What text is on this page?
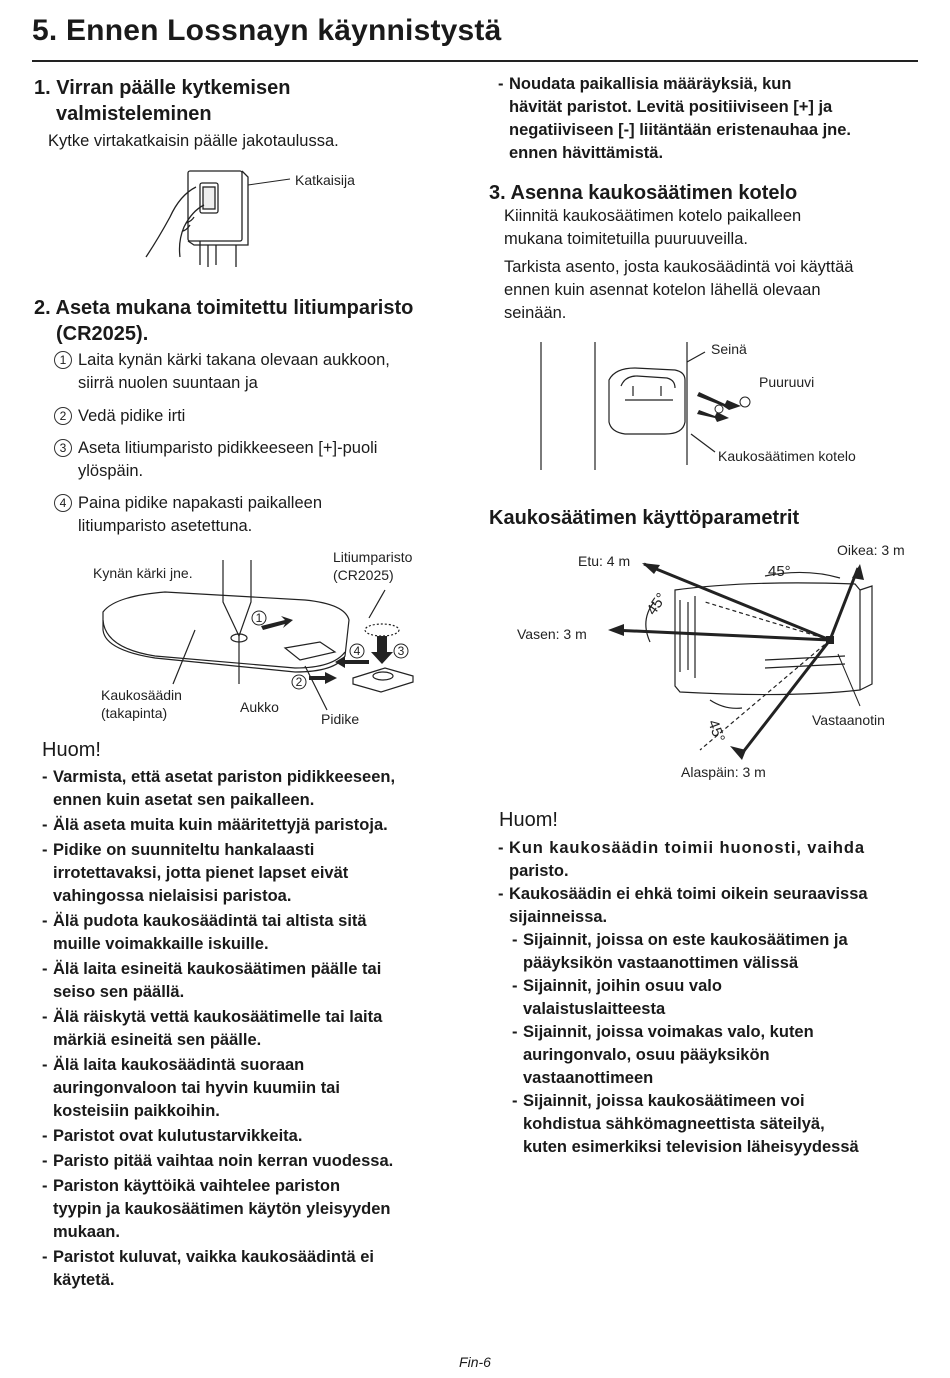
5. Ennen Lossnayn käynnistystä
1. Virran päälle kytkemisen
valmisteleminen
Kytke virtakatkaisin päälle jakotaulussa.
Katkaisija
2. Aseta mukana toimitettu litiumparisto
(CR2025).
1 Laita kynän kärki takana olevaan aukkoon,
siirrä nuolen suuntaan ja
2 Vedä pidike irti
3 Aseta litiumparisto pidikkeeseen [+]-puoli
ylöspäin.
4 Paina pidike napakasti paikalleen
litiumparisto asetettuna.
1
2
3
4
Kynän kärki jne.
Litiumparisto
(CR2025)
Kaukosäädin
(takapinta)	Aukko
Pidike
Huom!
- Varmista, että asetat pariston pidikkeeseen,
ennen kuin asetat sen paikalleen.
- Älä aseta muita kuin määritettyjä paristoja.
- Pidike on suunniteltu hankalaasti
irrotettavaksi, jotta pienet lapset eivät
vahingossa nielaisisi paristoa.
- Älä pudota kaukosäädintä tai altista sitä
muille voimakkaille iskuille.
- Älä laita esineitä kaukosäätimen päälle tai
seiso sen päällä.
- Älä räiskytä vettä kaukosäätimelle tai laita
märkiä esineitä sen päälle.
- Älä laita kaukosäädintä suoraan
auringonvaloon tai hyvin kuumiin tai
kosteisiin paikkoihin.
- Paristot ovat kulutustarvikkeita.
- Paristo pitää vaihtaa noin kerran vuodessa.
- Pariston käyttöikä vaihtelee pariston
tyypin ja kaukosäätimen käytön yleisyyden
mukaan.
- Paristot kuluvat, vaikka kaukosäädintä ei
käytetä.
- Noudata paikallisia määräyksiä, kun
hävität paristot. Levitä positiiviseen [+] ja
negatiiviseen [-] liitäntään eristenauhaa jne.
ennen hävittämistä.
3. Asenna kaukosäätimen kotelo
Kiinnitä kaukosäätimen kotelo paikalleen
mukana toimitetuilla puuruuveilla.
Tarkista asento, josta kaukosäädintä voi käyttää
ennen kuin asennat kotelon lähellä olevaan
seinään.
Seinä
Puuruuvi
Kaukosäätimen kotelo
Kaukosäätimen käyttöparametrit
45°
45°
45°
Etu: 4 m
Oikea: 3 m
Vasen: 3 m
Vastaanotin
Alaspäin: 3 m
Huom!
- Kun kaukosäädin toimii huonosti, vaihda
paristo.
- Kaukosäädin ei ehkä toimi oikein seuraavissa
sijainneissa.
- Sijainnit, joissa on este kaukosäätimen ja
pääyksikön vastaanottimen välissä
- Sijainnit, joihin osuu valo
valaistuslaitteesta
- Sijainnit, joissa voimakas valo, kuten
auringonvalo, osuu pääyksikön
vastaanottimeen
- Sijainnit, joissa kaukosäätimeen voi
kohdistua sähkömagneettista säteilyä,
kuten esimerkiksi television läheisyydessä
Fin-6
